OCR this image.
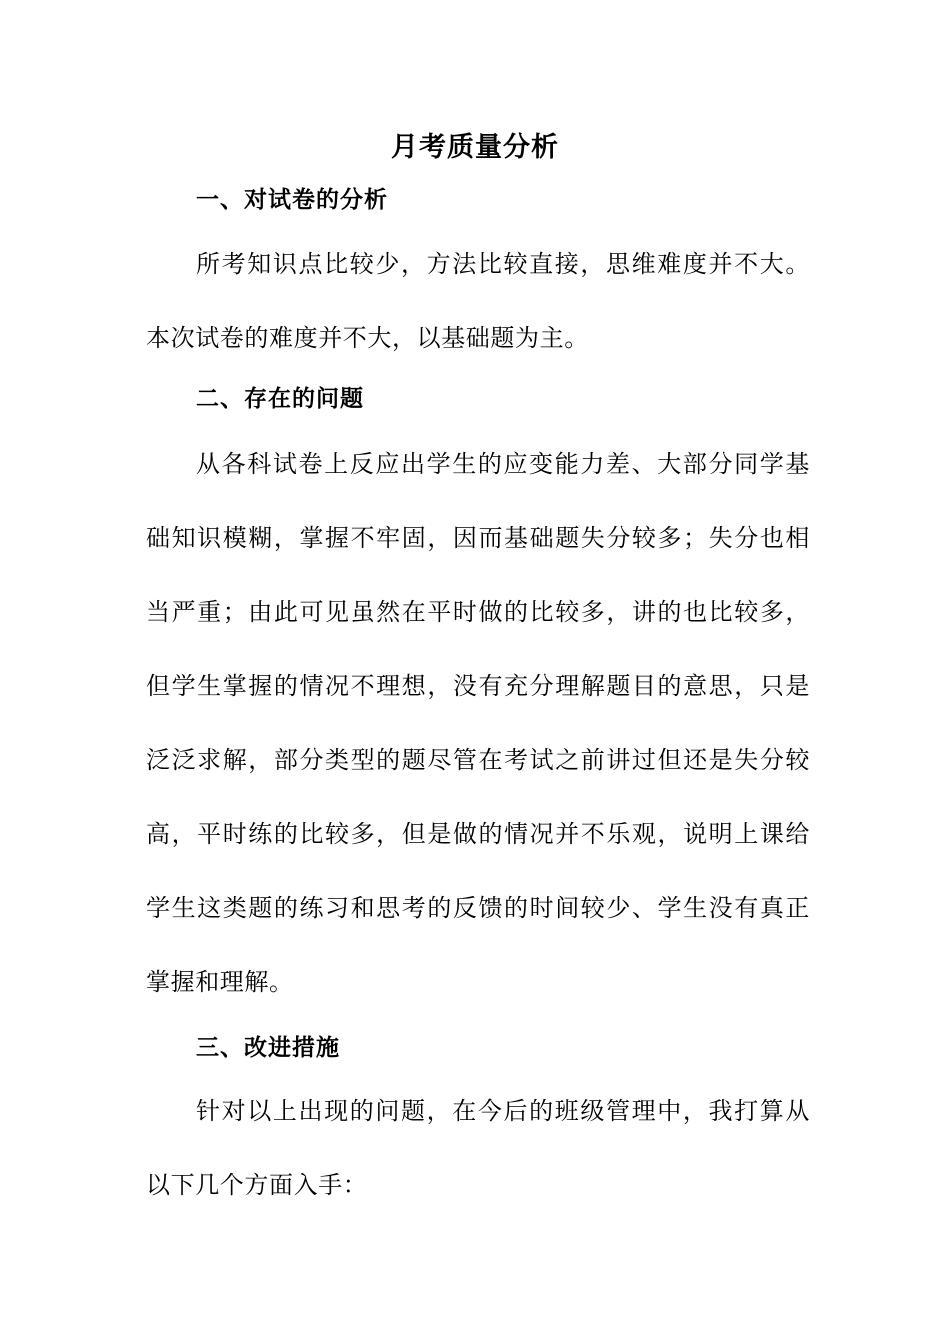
月考质量分析
一、对试卷的分析
所考知识点比较少，方法比较直接，思维难度并不大。本次试卷的难度并不大，以基础题为主。
二、存在的问题
从各科试卷上反应出学生的应变能力差、大部分同学基础知识模糊，掌握不牢固，因而基础题失分较多；失分也相当严重；由此可见虽然在平时做的比较多，讲的也比较多，但学生掌握的情况不理想，没有充分理解题目的意思，只是泛泛求解，部分类型的题尽管在考试之前讲过但还是失分较高，平时练的比较多，但是做的情况并不乐观，说明上课给学生这类题的练习和思考的反馈的时间较少、学生没有真正掌握和理解。
三、改进措施
针对以上出现的问题，在今后的班级管理中，我打算从以下几个方面入手：
